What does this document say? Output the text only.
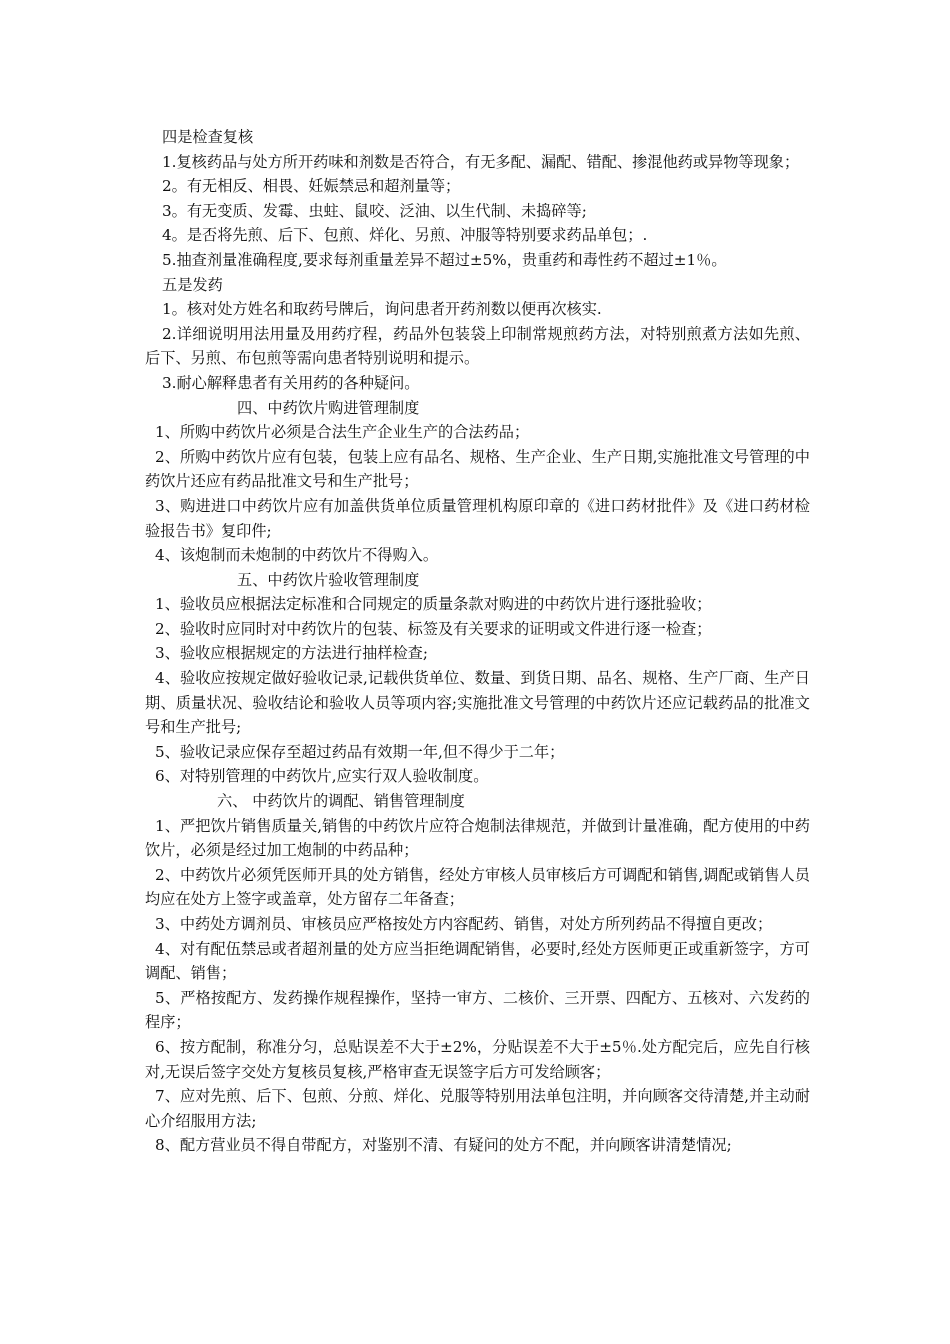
四是检查复核

1.复核药品与处方所开药味和剂数是否符合，有无多配、漏配、错配、掺混他药或异物等现象；

2。有无相反、相畏、妊娠禁忌和超剂量等；

3。有无变质、发霉、虫蛀、鼠咬、泛油、以生代制、未捣碎等;

4。是否将先煎、后下、包煎、烊化、另煎、冲服等特别要求药品单包；.

5.抽查剂量准确程度,要求每剂重量差异不超过±5%，贵重药和毒性药不超过±1％。

五是发药

1。核对处方姓名和取药号牌后，询问患者开药剂数以便再次核实.

2.详细说明用法用量及用药疗程，药品外包装袋上印制常规煎药方法，对特别煎煮方法如先煎、后下、另煎、布包煎等需向患者特别说明和提示。

3.耐心解释患者有关用药的各种疑问。

四、中药饮片购进管理制度

1、所购中药饮片必须是合法生产企业生产的合法药品；

2、所购中药饮片应有包装，包装上应有品名、规格、生产企业、生产日期,实施批准文号管理的中药饮片还应有药品批准文号和生产批号；

3、购进进口中药饮片应有加盖供货单位质量管理机构原印章的《进口药材批件》及《进口药材检验报告书》复印件;

4、该炮制而未炮制的中药饮片不得购入。

五、中药饮片验收管理制度

1、验收员应根据法定标准和合同规定的质量条款对购进的中药饮片进行逐批验收；

2、验收时应同时对中药饮片的包装、标签及有关要求的证明或文件进行逐一检查；

3、验收应根据规定的方法进行抽样检查;

4、验收应按规定做好验收记录,记载供货单位、数量、到货日期、品名、规格、生产厂商、生产日期、质量状况、验收结论和验收人员等项内容;实施批准文号管理的中药饮片还应记载药品的批准文号和生产批号;

5、验收记录应保存至超过药品有效期一年,但不得少于二年；

6、对特别管理的中药饮片,应实行双人验收制度。

六、 中药饮片的调配、销售管理制度

1、严把饮片销售质量关,销售的中药饮片应符合炮制法律规范，并做到计量准确，配方使用的中药饮片，必须是经过加工炮制的中药品种；

2、中药饮片必须凭医师开具的处方销售，经处方审核人员审核后方可调配和销售,调配或销售人员均应在处方上签字或盖章，处方留存二年备查；

3、中药处方调剂员、审核员应严格按处方内容配药、销售，对处方所列药品不得擅自更改；

4、对有配伍禁忌或者超剂量的处方应当拒绝调配销售，必要时,经处方医师更正或重新签字，方可调配、销售；

5、严格按配方、发药操作规程操作，坚持一审方、二核价、三开票、四配方、五核对、六发药的程序；

6、按方配制，称准分匀，总贴误差不大于±2%，分贴误差不大于±5％.处方配完后，应先自行核对,无误后签字交处方复核员复核,严格审查无误签字后方可发给顾客；

7、应对先煎、后下、包煎、分煎、烊化、兑服等特别用法单包注明，并向顾客交待清楚,并主动耐心介绍服用方法;

8、配方营业员不得自带配方，对鉴别不清、有疑问的处方不配，并向顾客讲清楚情况;
